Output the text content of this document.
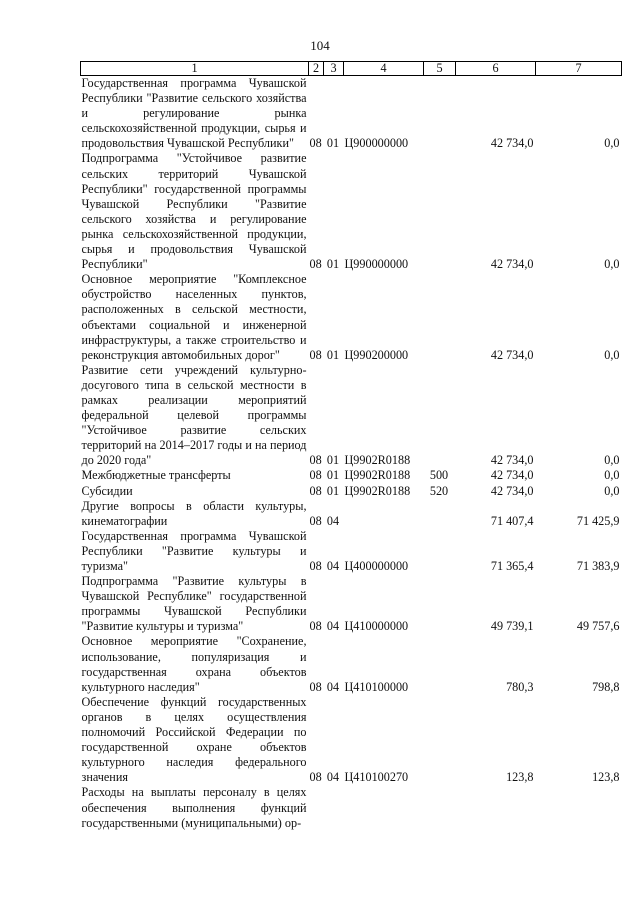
104
1	2	3	4	5	6	7
Государственная программа Чувашской Республики "Развитие сельского хозяйства и регулирование рынка сельскохозяйственной продукции, сырья и продовольствия Чувашской Республики"	08	01	Ц900000000		42 734,0	0,0
Подпрограмма "Устойчивое развитие сельских территорий Чувашской Республики" государственной программы Чувашской Республики "Развитие сельского хозяйства и регулирование рынка сельскохозяйственной продукции, сырья и продовольствия Чувашской Республики"	08	01	Ц990000000		42 734,0	0,0
Основное мероприятие "Комплексное обустройство населенных пунктов, расположенных в сельской местности, объектами социальной и инженерной инфраструктуры, а также строительство и реконструкция автомобильных дорог"	08	01	Ц990200000		42 734,0	0,0
Развитие сети учреждений культурно-досугового типа в сельской местности в рамках реализации мероприятий федеральной целевой программы "Устойчивое развитие сельских территорий на 2014–2017 годы и на период до 2020 года"	08	01	Ц9902R0188		42 734,0	0,0
Межбюджетные трансферты	08	01	Ц9902R0188	500	42 734,0	0,0
Субсидии	08	01	Ц9902R0188	520	42 734,0	0,0
Другие вопросы в области культуры, кинематографии	08	04			71 407,4	71 425,9
Государственная программа Чувашской Республики "Развитие культуры и туризма"	08	04	Ц400000000		71 365,4	71 383,9
Подпрограмма "Развитие культуры в Чувашской Республике" государственной программы Чувашской Республики "Развитие культуры и туризма"	08	04	Ц410000000		49 739,1	49 757,6
Основное мероприятие "Сохранение, использование, популяризация и государственная охрана объектов культурного наследия"	08	04	Ц410100000		780,3	798,8
Обеспечение функций государственных органов в целях осуществления полномочий Российской Федерации по государственной охране объектов культурного наследия федерального значения	08	04	Ц410100270		123,8	123,8
Расходы на выплаты персоналу в целях обеспечения выполнения функций государственными (муниципальными) ор-						
